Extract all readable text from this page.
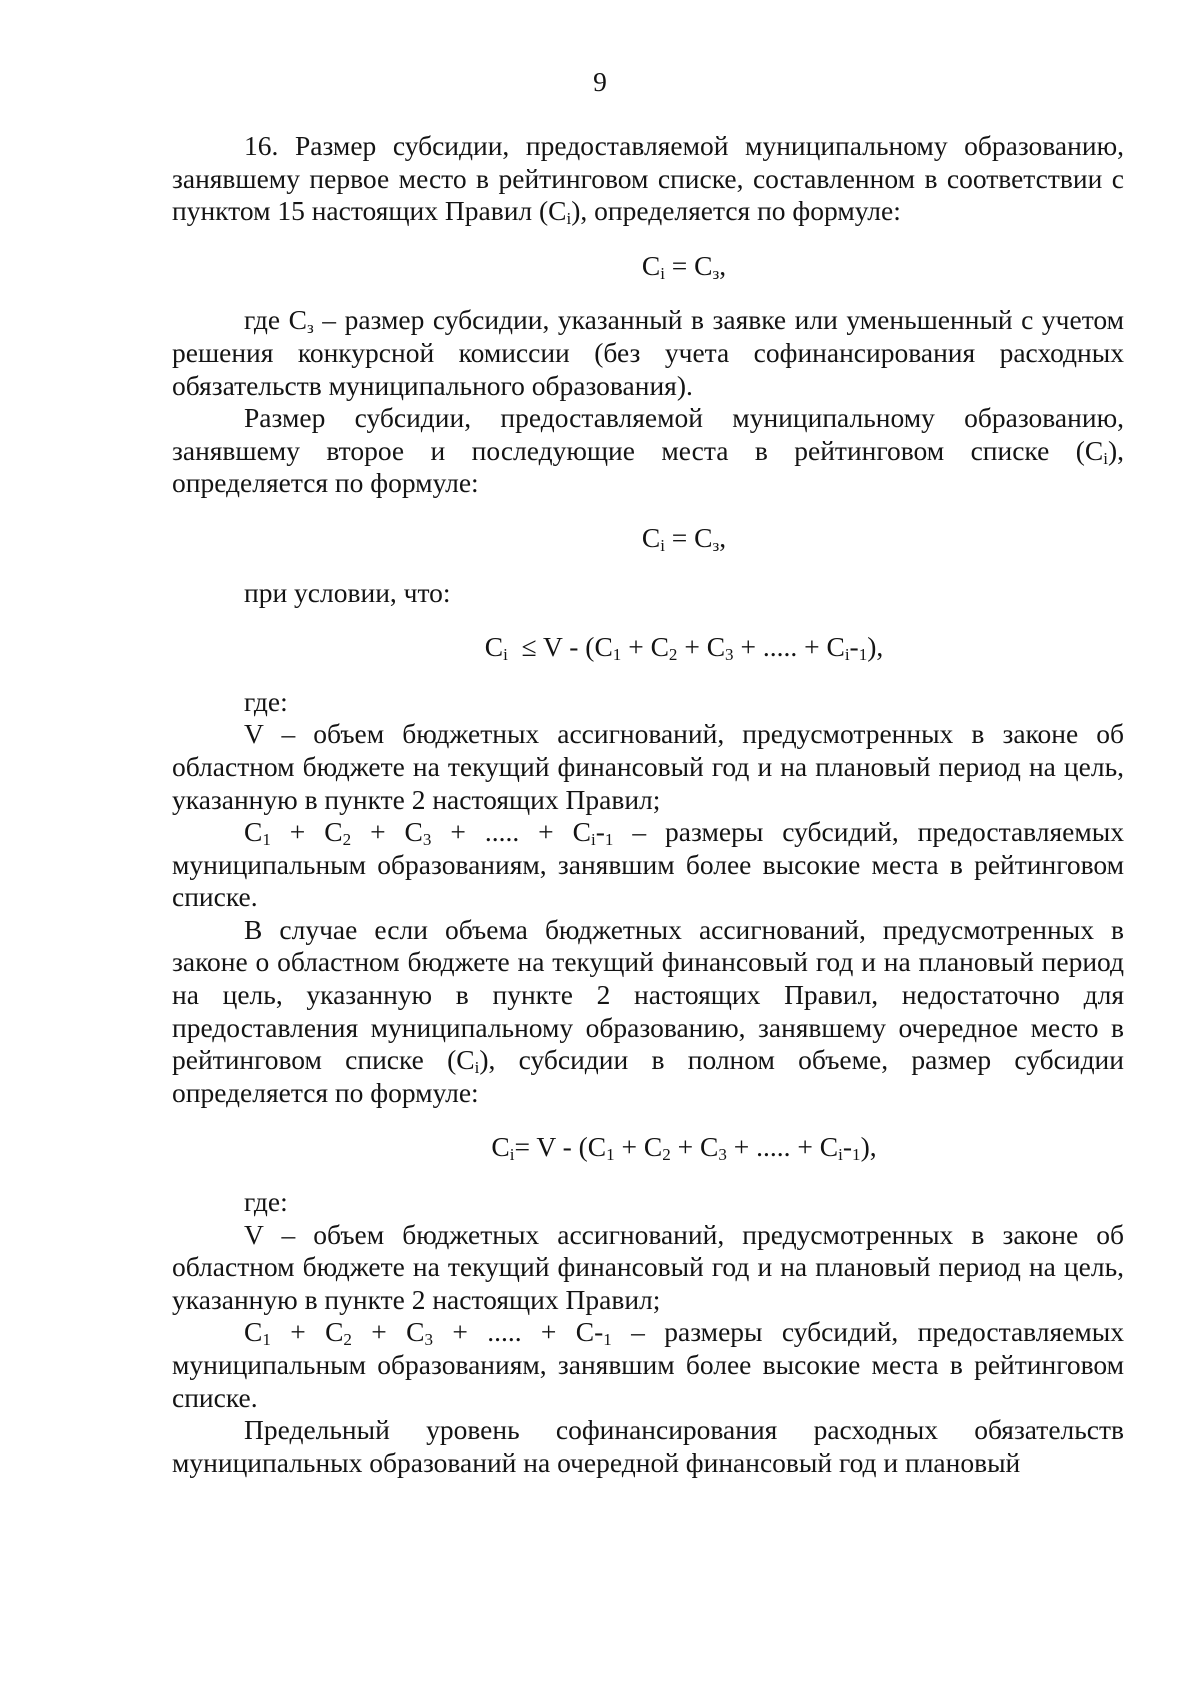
9

16. Размер субсидии, предоставляемой муниципальному образованию, занявшему первое место в рейтинговом списке, составленном в соответствии с пунктом 15 настоящих Правил $(С_i)$, определяется по формуле:

$С_i = С_з$,

где $С_з$ – размер субсидии, указанный в заявке или уменьшенный с учетом решения конкурсной комиссии (без учета софинансирования расходных обязательств муниципального образования).

Размер субсидии, предоставляемой муниципальному образованию, занявшему второе и последующие места в рейтинговом списке $(С_i)$, определяется по формуле:

$С_i = С_з$,

при условии, что:

$С_i \le V - (С_1 + С_2 + С_3$ + ..... + $С_i-_1$),

где:

V – объем бюджетных ассигнований, предусмотренных в законе об областном бюджете на текущий финансовый год и на плановый период на цель, указанную в пункте 2 настоящих Правил;

$С_1 + С_2 + С_3$ + ..... + $С_i-_1$ – размеры субсидий, предоставляемых муниципальным образованиям, занявшим более высокие места в рейтинговом списке.

В случае если объема бюджетных ассигнований, предусмотренных в законе о областном бюджете на текущий финансовый год и на плановый период на цель, указанную в пункте 2 настоящих Правил, недостаточно для предоставления муниципальному образованию, занявшему очередное место в рейтинговом списке $(С_i)$, субсидии в полном объеме, размер субсидии определяется по формуле:

$С_i= V - (С_1 + С_2 + С_3$ + ..... + $С_i-_1$),

где:

V – объем бюджетных ассигнований, предусмотренных в законе об областном бюджете на текущий финансовый год и на плановый период на цель, указанную в пункте 2 настоящих Правил;

$С_1 + С_2 + С_3$ + ..... + $С-_1$ – размеры субсидий, предоставляемых муниципальным образованиям, занявшим более высокие места в рейтинговом списке.

Предельный уровень софинансирования расходных обязательств муниципальных образований на очередной финансовый год и плановый
